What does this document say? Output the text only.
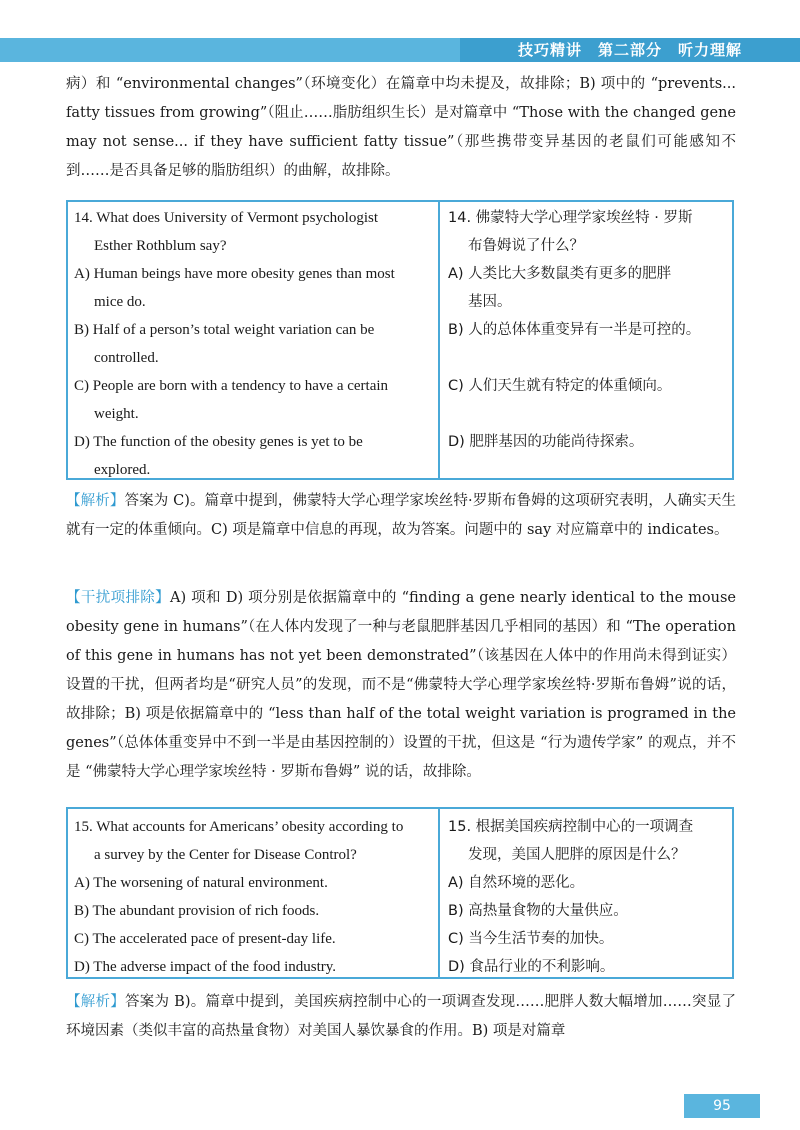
技巧精讲　第二部分　听力理解
病）和 “environmental changes”（环境变化）在篇章中均未提及，故排除；B) 项中的 “prevents... fatty tissues from growing”（阻止……脂肪组织生长）是对篇章中 “Those with the changed gene may not sense... if they have sufficient fatty tissue”（那些携带变异基因的老鼠们可能感知不到……是否具备足够的脂肪组织）的曲解，故排除。
14. What does University of Vermont psychologist
Esther Rothblum say?
A) Human beings have more obesity genes than most
mice do.
B) Half of a person’s total weight variation can be
controlled.
C) People are born with a tendency to have a certain
weight.
D) The function of the obesity genes is yet to be
explored.
14. 佛蒙特大学心理学家埃丝特 · 罗斯
布鲁姆说了什么？
A) 人类比大多数鼠类有更多的肥胖
基因。
B) 人的总体体重变异有一半是可控的。
C) 人们天生就有特定的体重倾向。
D) 肥胖基因的功能尚待探索。
【解析】答案为 C)。篇章中提到，佛蒙特大学心理学家埃丝特·罗斯布鲁姆的这项研究表明，人确实天生就有一定的体重倾向。C) 项是篇章中信息的再现，故为答案。问题中的 say 对应篇章中的 indicates。
【干扰项排除】A) 项和 D) 项分别是依据篇章中的 “finding a gene nearly identical to the mouse obesity gene in humans”（在人体内发现了一种与老鼠肥胖基因几乎相同的基因）和 “The operation of this gene in humans has not yet been demonstrated”（该基因在人体中的作用尚未得到证实）设置的干扰，但两者均是“研究人员”的发现，而不是“佛蒙特大学心理学家埃丝特·罗斯布鲁姆”说的话，故排除；B) 项是依据篇章中的 “less than half of the total weight variation is programed in the genes”（总体体重变异中不到一半是由基因控制的）设置的干扰，但这是 “行为遗传学家” 的观点，并不是 “佛蒙特大学心理学家埃丝特 · 罗斯布鲁姆” 说的话，故排除。
15. What accounts for Americans’ obesity according to
a survey by the Center for Disease Control?
A) The worsening of natural environment.
B) The abundant provision of rich foods.
C) The accelerated pace of present-day life.
D) The adverse impact of the food industry.
15. 根据美国疾病控制中心的一项调查
发现，美国人肥胖的原因是什么？
A) 自然环境的恶化。
B) 高热量食物的大量供应。
C) 当今生活节奏的加快。
D) 食品行业的不利影响。
【解析】答案为 B)。篇章中提到，美国疾病控制中心的一项调查发现……肥胖人数大幅增加……突显了环境因素（类似丰富的高热量食物）对美国人暴饮暴食的作用。B) 项是对篇章
95
